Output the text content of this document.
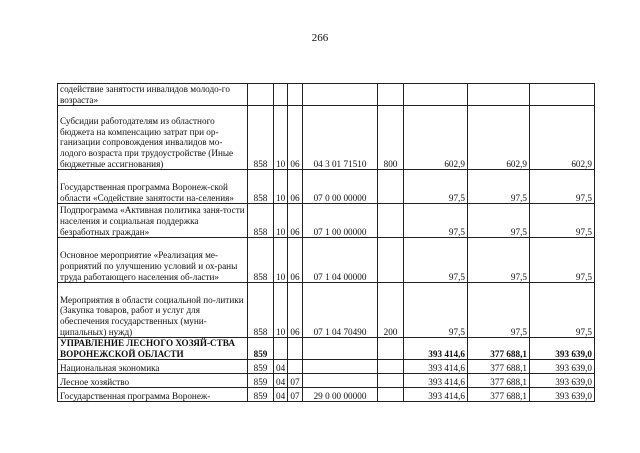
266
содействие занятости инвалидов молодо-го возраста»								
Субсидии работодателям из областного бюджета на компенсацию затрат при ор-ганизации сопровождения инвалидов мо-лодого возраста при трудоустройстве (Иные бюджетные ассигнования)	858	10	06	04 3 01 71510	800	602,9	602,9	602,9
Государственная программа Воронеж-ской области «Содействие занятости на-селения»	858	10	06	07 0 00 00000		97,5	97,5	97,5
Подпрограмма «Активная политика заня-тости населения и социальная поддержка безработных граждан»	858	10	06	07 1 00 00000		97,5	97,5	97,5
Основное мероприятие «Реализация ме-роприятий по улучшению условий и ох-раны труда работающего населения об-ласти»	858	10	06	07 1 04 00000		97,5	97,5	97,5
Мероприятия в области социальной по-литики (Закупка товаров, работ и услуг для обеспечения государственных (муни-ципальных) нужд)	858	10	06	07 1 04 70490	200	97,5	97,5	97,5
УПРАВЛЕНИЕ ЛЕСНОГО ХОЗЯЙ-СТВА ВОРОНЕЖСКОЙ ОБЛАСТИ	859					393 414,6	377 688,1	393 639,0
Национальная экономика	859	04				393 414,6	377 688,1	393 639,0
Лесное хозяйство	859	04	07			393 414,6	377 688,1	393 639,0
Государственная программа Воронеж-	859	04	07	29 0 00 00000		393 414,6	377 688,1	393 639,0
